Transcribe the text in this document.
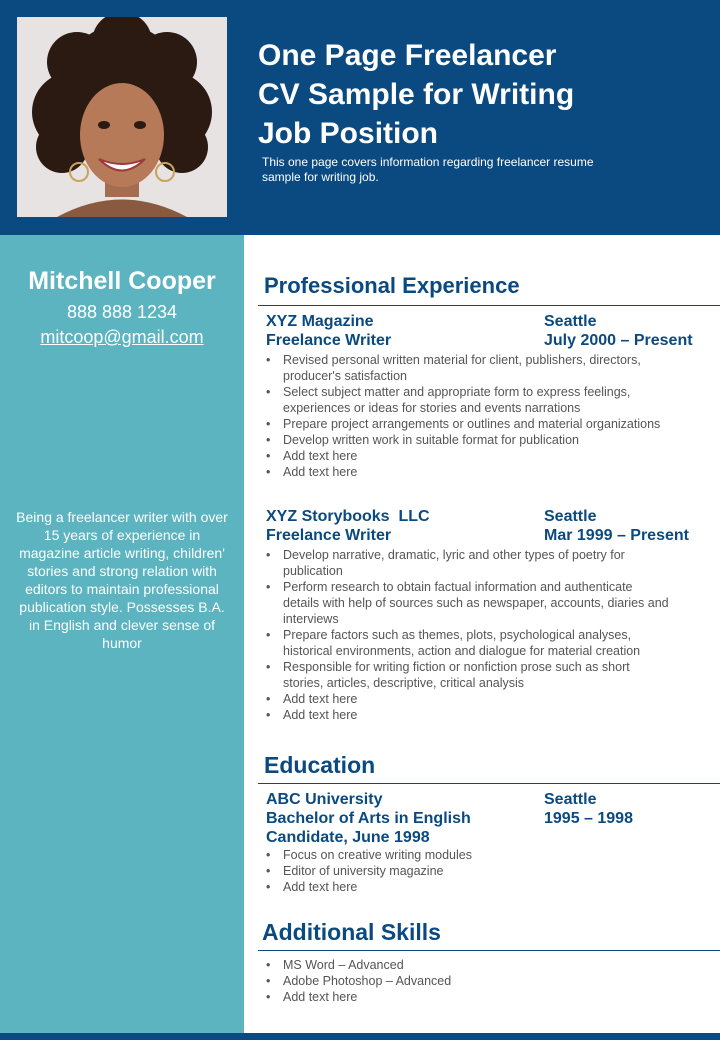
One Page Freelancer
CV Sample for Writing
Job Position
This one page covers information regarding freelancer resume sample for writing job.
Mitchell Cooper
888 888 1234
mitcoop@gmail.com
Being a freelancer writer with over 15 years of experience in magazine article writing, children' stories and strong relation with editors to maintain professional publication style. Possesses B.A. in English and clever sense of humor
Professional Experience
XYZ Magazine
Freelance Writer
Seattle
July 2000 – Present
• Revised personal written material for client, publishers, directors, producer's satisfaction
• Select subject matter and appropriate form to express feelings, experiences or ideas for stories and events narrations
• Prepare project arrangements or outlines and material organizations
• Develop written work in suitable format for publication
• Add text here
• Add text here
XYZ Storybooks  LLC
Freelance Writer
Seattle
Mar 1999 – Present
• Develop narrative, dramatic, lyric and other types of poetry for publication
• Perform research to obtain factual information and authenticate details with help of sources such as newspaper, accounts, diaries and interviews
• Prepare factors such as themes, plots, psychological analyses, historical environments, action and dialogue for material creation
• Responsible for writing fiction or nonfiction prose such as short stories, articles, descriptive, critical analysis
• Add text here
• Add text here
Education
ABC University
Bachelor of Arts in English
Candidate, June 1998
Seattle
1995 – 1998
• Focus on creative writing modules
• Editor of university magazine
• Add text here
Additional Skills
• MS Word – Advanced
• Adobe Photoshop – Advanced
• Add text here
